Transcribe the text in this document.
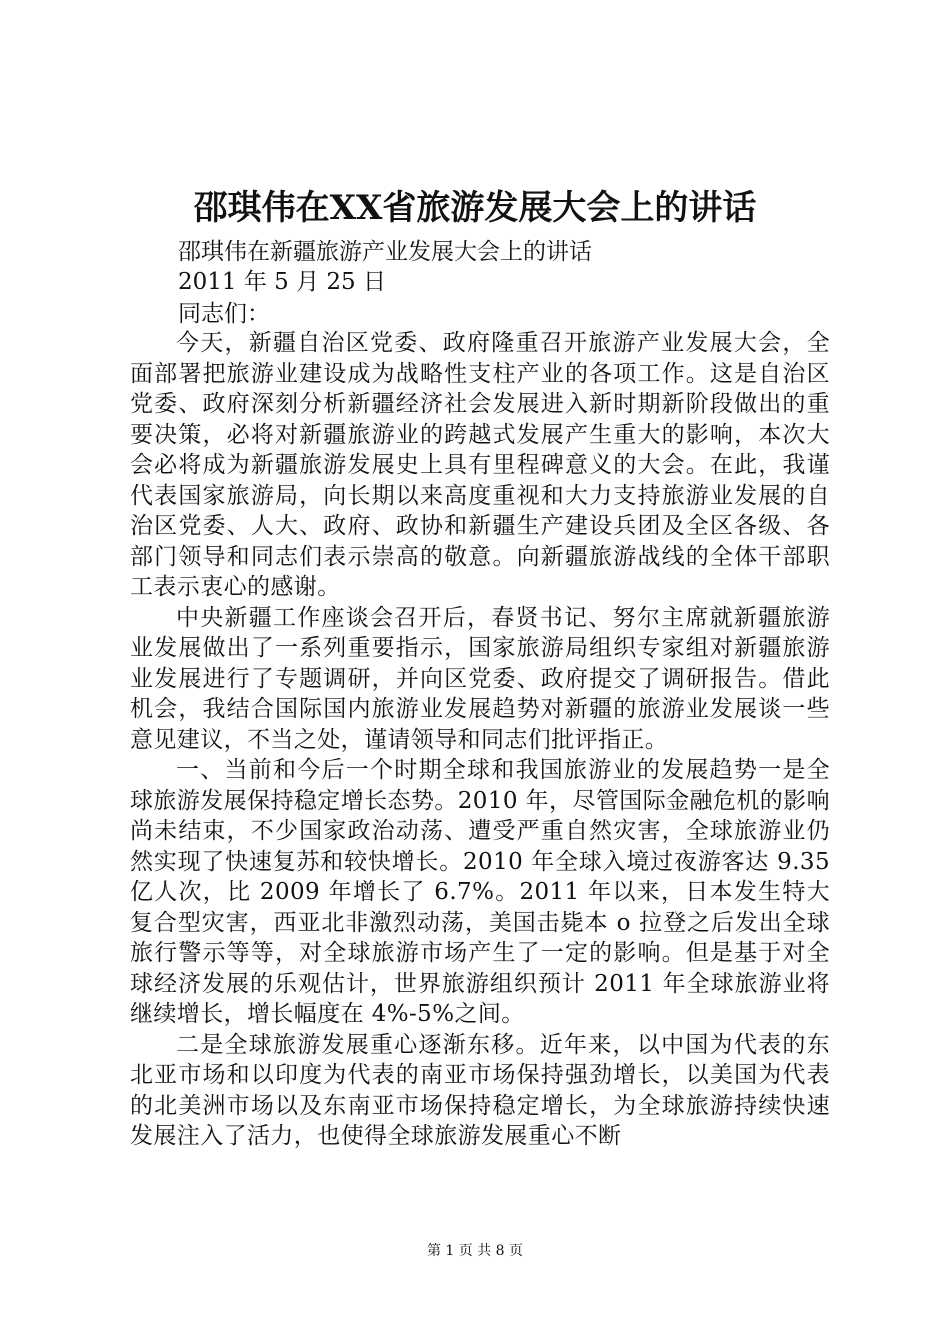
邵琪伟在XX省旅游发展大会上的讲话
邵琪伟在新疆旅游产业发展大会上的讲话
2011 年 5 月 25 日
同志们：

今天，新疆自治区党委、政府隆重召开旅游产业发展大会，全面部署把旅游业建设成为战略性支柱产业的各项工作。这是自治区党委、政府深刻分析新疆经济社会发展进入新时期新阶段做出的重要决策，必将对新疆旅游业的跨越式发展产生重大的影响，本次大会必将成为新疆旅游发展史上具有里程碑意义的大会。在此，我谨代表国家旅游局，向长期以来高度重视和大力支持旅游业发展的自治区党委、人大、政府、政协和新疆生产建设兵团及全区各级、各部门领导和同志们表示崇高的敬意。向新疆旅游战线的全体干部职工表示衷心的感谢。

中央新疆工作座谈会召开后，春贤书记、努尔主席就新疆旅游业发展做出了一系列重要指示，国家旅游局组织专家组对新疆旅游业发展进行了专题调研，并向区党委、政府提交了调研报告。借此机会，我结合国际国内旅游业发展趋势对新疆的旅游业发展谈一些意见建议，不当之处，谨请领导和同志们批评指正。

一、当前和今后一个时期全球和我国旅游业的发展趋势一是全球旅游发展保持稳定增长态势。2010 年，尽管国际金融危机的影响尚未结束，不少国家政治动荡、遭受严重自然灾害，全球旅游业仍然实现了快速复苏和较快增长。2010 年全球入境过夜游客达 9.35 亿人次，比 2009 年增长了 6.7%。2011 年以来，日本发生特大复合型灾害，西亚北非激烈动荡，美国击毙本 o 拉登之后发出全球旅行警示等等，对全球旅游市场产生了一定的影响。但是基于对全球经济发展的乐观估计，世界旅游组织预计 2011 年全球旅游业将继续增长，增长幅度在 4%-5%之间。

二是全球旅游发展重心逐渐东移。近年来，以中国为代表的东北亚市场和以印度为代表的南亚市场保持强劲增长，以美国为代表的北美洲市场以及东南亚市场保持稳定增长，为全球旅游持续快速发展注入了活力，也使得全球旅游发展重心不断

第 1 页 共 8 页
